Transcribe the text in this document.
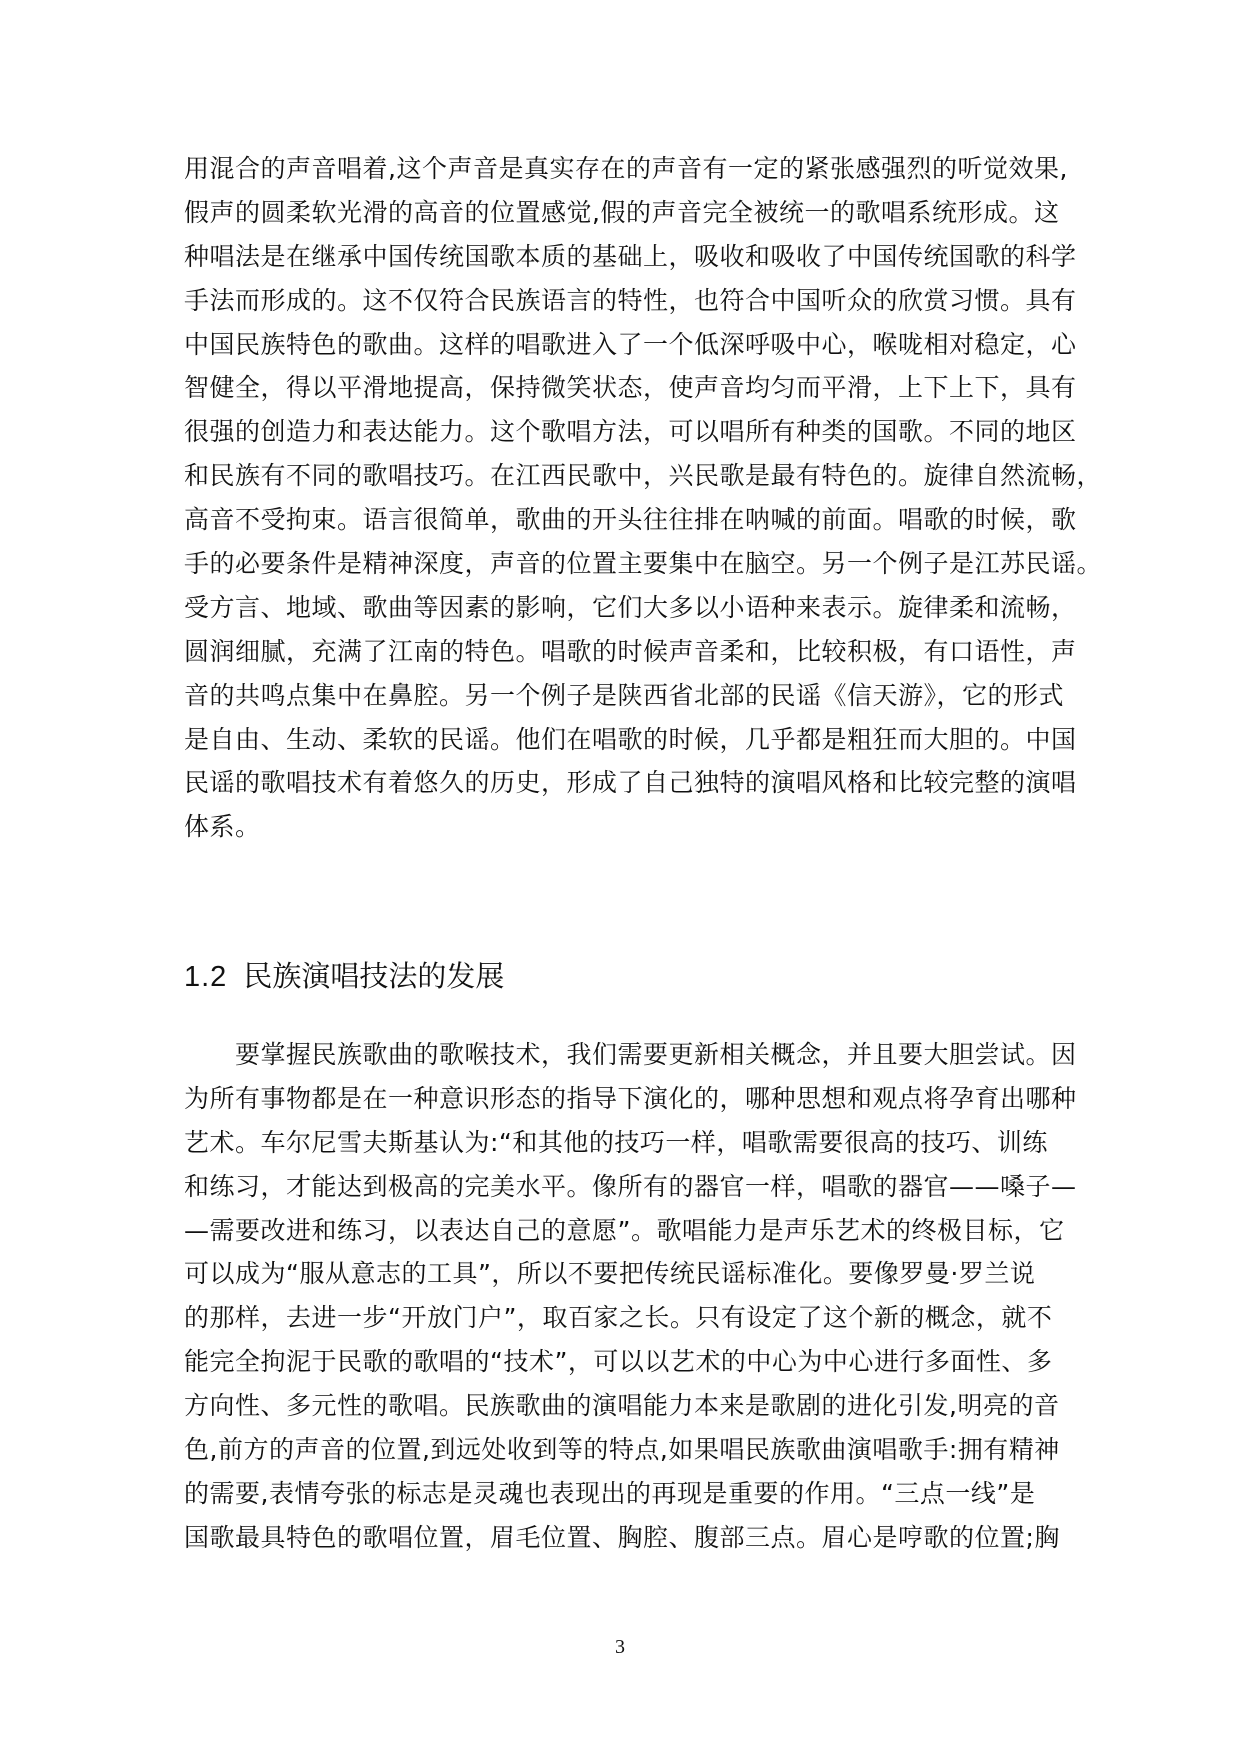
用混合的声音唱着,这个声音是真实存在的声音有一定的紧张感强烈的听觉效果,
假声的圆柔软光滑的高音的位置感觉,假的声音完全被统一的歌唱系统形成。这
种唱法是在继承中国传统国歌本质的基础上，吸收和吸收了中国传统国歌的科学
手法而形成的。这不仅符合民族语言的特性，也符合中国听众的欣赏习惯。具有
中国民族特色的歌曲。这样的唱歌进入了一个低深呼吸中心，喉咙相对稳定，心
智健全，得以平滑地提高，保持微笑状态，使声音均匀而平滑，上下上下，具有
很强的创造力和表达能力。这个歌唱方法，可以唱所有种类的国歌。不同的地区
和民族有不同的歌唱技巧。在江西民歌中，兴民歌是最有特色的。旋律自然流畅，
高音不受拘束。语言很简单，歌曲的开头往往排在呐喊的前面。唱歌的时候，歌
手的必要条件是精神深度，声音的位置主要集中在脑空。另一个例子是江苏民谣。
受方言、地域、歌曲等因素的影响，它们大多以小语种来表示。旋律柔和流畅，
圆润细腻，充满了江南的特色。唱歌的时候声音柔和，比较积极，有口语性，声
音的共鸣点集中在鼻腔。另一个例子是陕西省北部的民谣《信天游》，它的形式
是自由、生动、柔软的民谣。他们在唱歌的时候，几乎都是粗狂而大胆的。中国
民谣的歌唱技术有着悠久的历史，形成了自己独特的演唱风格和比较完整的演唱
体系。
1.2 民族演唱技法的发展
　　要掌握民族歌曲的歌喉技术，我们需要更新相关概念，并且要大胆尝试。因
为所有事物都是在一种意识形态的指导下演化的，哪种思想和观点将孕育出哪种
艺术。车尔尼雪夫斯基认为:“和其他的技巧一样，唱歌需要很高的技巧、训练
和练习，才能达到极高的完美水平。像所有的器官一样，唱歌的器官——嗓子—
—需要改进和练习，以表达自己的意愿”。歌唱能力是声乐艺术的终极目标，它
可以成为“服从意志的工具”，所以不要把传统民谣标准化。要像罗曼·罗兰说
的那样，去进一步“开放门户”，取百家之长。只有设定了这个新的概念，就不
能完全拘泥于民歌的歌唱的“技术”，可以以艺术的中心为中心进行多面性、多
方向性、多元性的歌唱。民族歌曲的演唱能力本来是歌剧的进化引发,明亮的音
色,前方的声音的位置,到远处收到等的特点,如果唱民族歌曲演唱歌手:拥有精神
的需要,表情夸张的标志是灵魂也表现出的再现是重要的作用。“三点一线”是
国歌最具特色的歌唱位置，眉毛位置、胸腔、腹部三点。眉心是哼歌的位置;胸
3
